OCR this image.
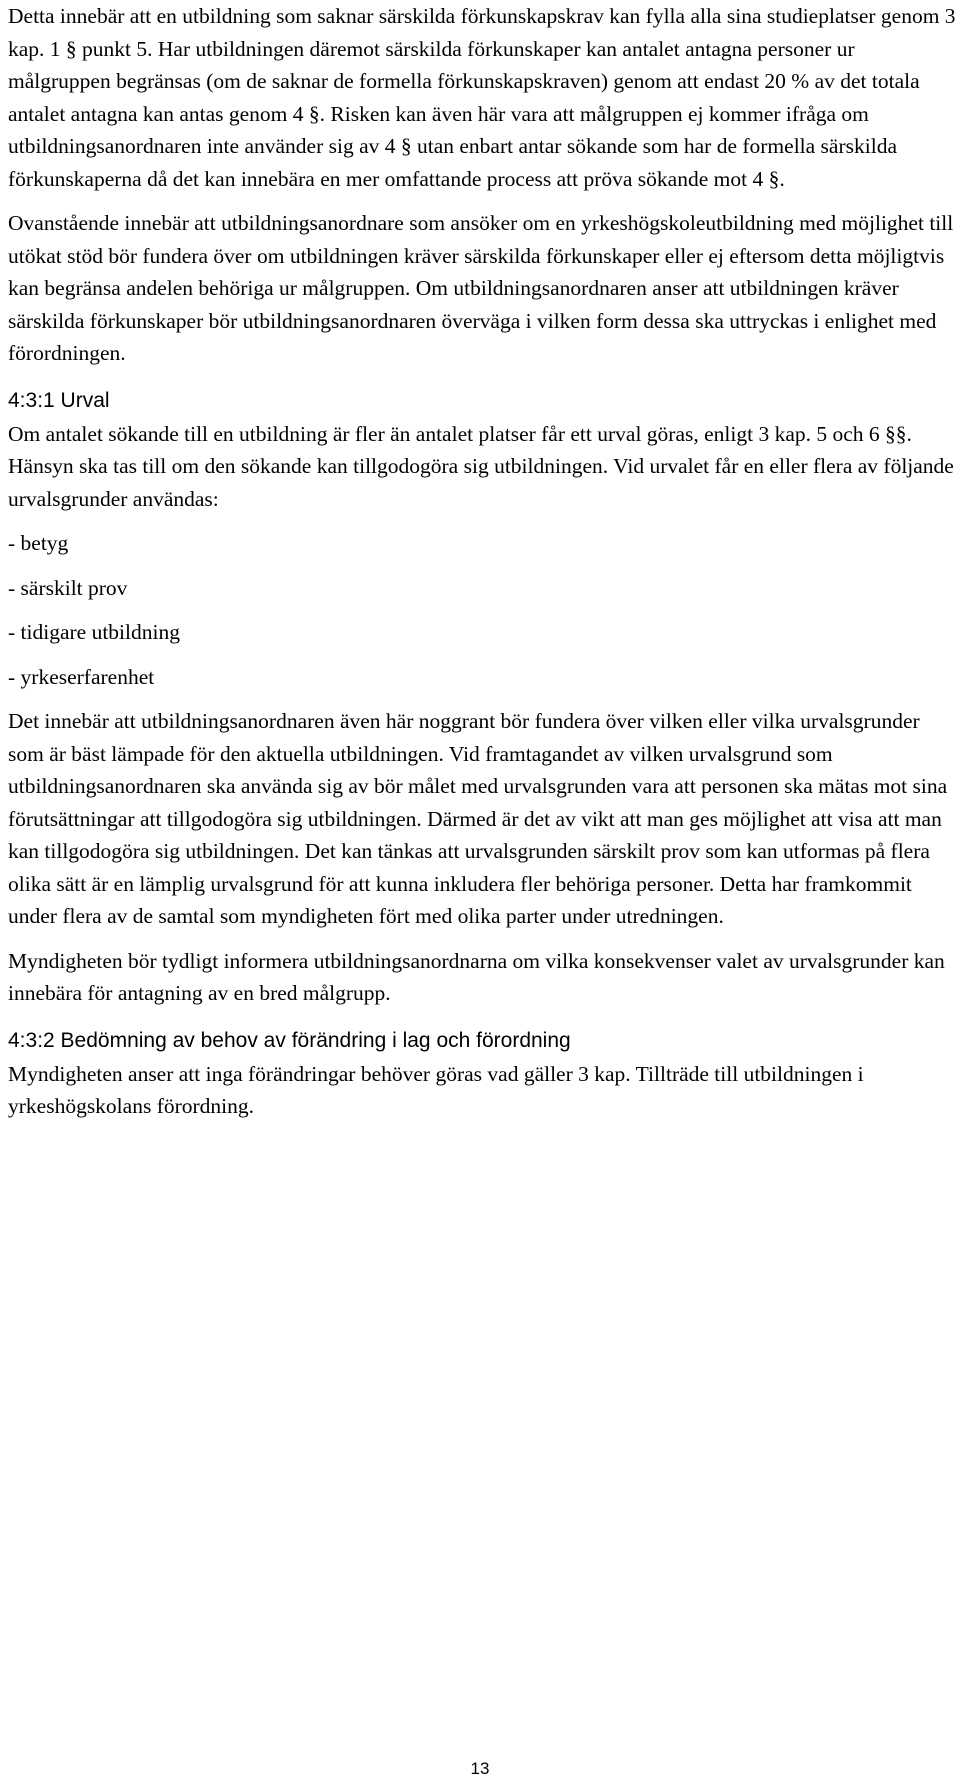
Detta innebär att en utbildning som saknar särskilda förkunskapskrav kan fylla alla sina studieplatser genom 3 kap. 1 § punkt 5. Har utbildningen däremot särskilda förkunskaper kan antalet antagna personer ur målgruppen begränsas (om de saknar de formella förkunskapskraven) genom att endast 20 % av det totala antalet antagna kan antas genom 4 §. Risken kan även här vara att målgruppen ej kommer ifråga om utbildningsanordnaren inte använder sig av 4 § utan enbart antar sökande som har de formella särskilda förkunskaperna då det kan innebära en mer omfattande process att pröva sökande mot 4 §.

Ovanstående innebär att utbildningsanordnare som ansöker om en yrkeshögskoleutbildning med möjlighet till utökat stöd bör fundera över om utbildningen kräver särskilda förkunskaper eller ej eftersom detta möjligtvis kan begränsa andelen behöriga ur målgruppen. Om utbildningsanordnaren anser att utbildningen kräver särskilda förkunskaper bör utbildningsanordnaren överväga i vilken form dessa ska uttryckas i enlighet med förordningen.

4:3:1 Urval

Om antalet sökande till en utbildning är fler än antalet platser får ett urval göras, enligt 3 kap. 5 och 6 §§. Hänsyn ska tas till om den sökande kan tillgodogöra sig utbildningen. Vid urvalet får en eller flera av följande urvalsgrunder användas:

- betyg

- särskilt prov

- tidigare utbildning

- yrkeserfarenhet

Det innebär att utbildningsanordnaren även här noggrant bör fundera över vilken eller vilka urvalsgrunder som är bäst lämpade för den aktuella utbildningen. Vid framtagandet av vilken urvalsgrund som utbildningsanordnaren ska använda sig av bör målet med urvalsgrunden vara att personen ska mätas mot sina förutsättningar att tillgodogöra sig utbildningen. Därmed är det av vikt att man ges möjlighet att visa att man kan tillgodogöra sig utbildningen. Det kan tänkas att urvalsgrunden särskilt prov som kan utformas på flera olika sätt är en lämplig urvalsgrund för att kunna inkludera fler behöriga personer. Detta har framkommit under flera av de samtal som myndigheten fört med olika parter under utredningen.

Myndigheten bör tydligt informera utbildningsanordnarna om vilka konsekvenser valet av urvalsgrunder kan innebära för antagning av en bred målgrupp.

4:3:2 Bedömning av behov av förändring i lag och förordning

Myndigheten anser att inga förändringar behöver göras vad gäller 3 kap. Tillträde till utbildningen i yrkeshögskolans förordning.

13
